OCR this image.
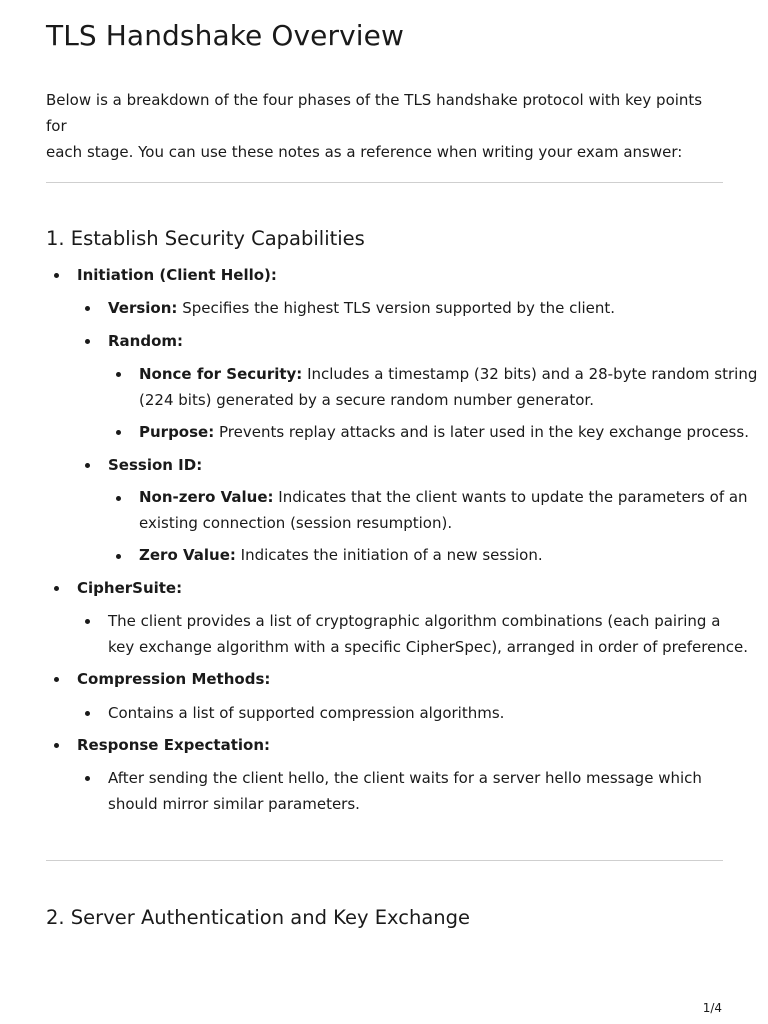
TLS Handshake Overview

Below is a breakdown of the four phases of the TLS handshake protocol with key points for
each stage. You can use these notes as a reference when writing your exam answer:

1. Establish Security Capabilities
Initiation (Client Hello):
Version: Specifies the highest TLS version supported by the client.
Random:
Nonce for Security: Includes a timestamp (32 bits) and a 28-byte random string
(224 bits) generated by a secure random number generator.
Purpose: Prevents replay attacks and is later used in the key exchange process.
Session ID:
Non-zero Value: Indicates that the client wants to update the parameters of an
existing connection (session resumption).
Zero Value: Indicates the initiation of a new session.
CipherSuite:
The client provides a list of cryptographic algorithm combinations (each pairing a
key exchange algorithm with a specific CipherSpec), arranged in order of preference.
Compression Methods:
Contains a list of supported compression algorithms.
Response Expectation:
After sending the client hello, the client waits for a server hello message which
should mirror similar parameters.
2. Server Authentication and Key Exchange
1/4
